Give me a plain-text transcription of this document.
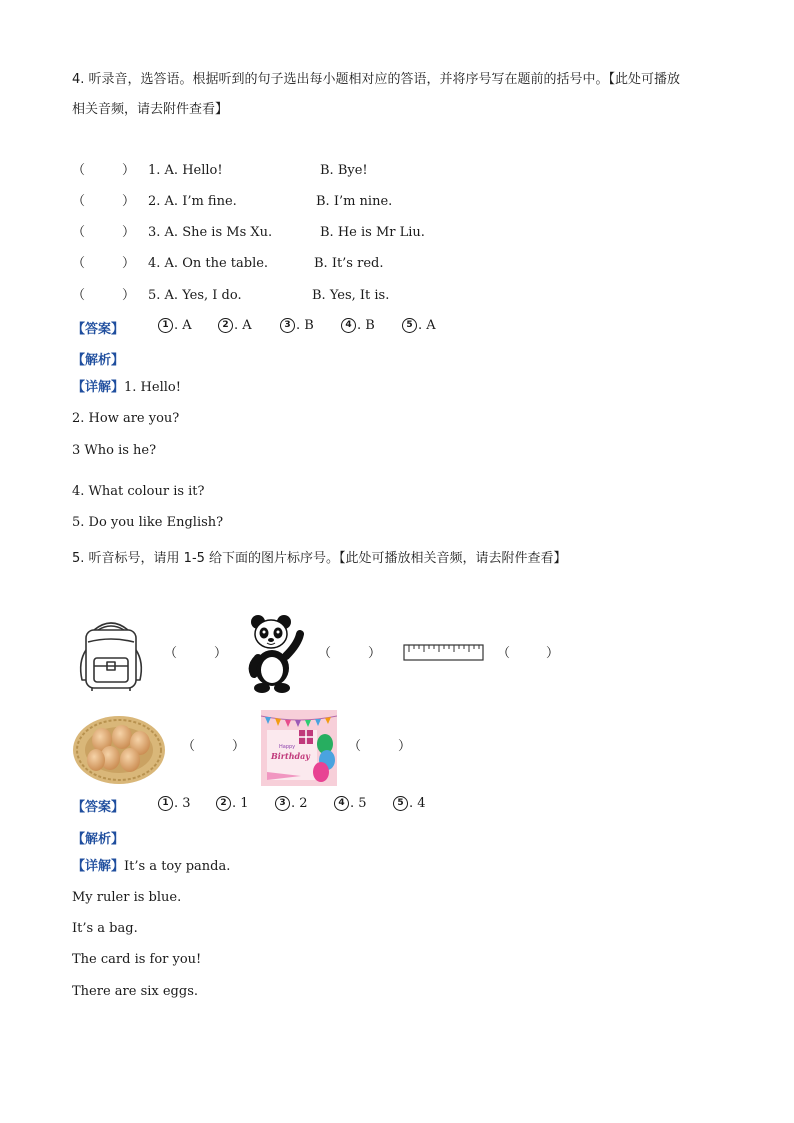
4. 听录音，选答语。根据听到的句子选出每小题相对应的答语，并将序号写在题前的括号中。【此处可播放
相关音频，请去附件查看】
（	） 1. A. Hello!	B. Bye!
（	） 2. A. I’m fine.	B. I’m nine.
（	） 3. A. She is Ms Xu.	B. He is Mr Liu.
（	） 4. A. On the table.	B. It’s red.
（	） 5. A. Yes, I do.	B. Yes, It is.
【答案】	1 . A	2 . A	3 . B	4 . B	5 . A
【解析】
【详解】1. Hello!
2. How are you?
3 Who is he?
4. What colour is it?
5. Do you like English?
5. 听音标号，请用 1-5 给下面的图片标序号。【此处可播放相关音频，请去附件查看】
（	）	（	）	（	）
（	）	Happy
Birthday
（	）
【答案】	1 . 3	2 . 1	3 . 2	4 . 5	5 . 4
【解析】
【详解】It’s a toy panda.
My ruler is blue.
It’s a bag.
The card is for you!
There are six eggs.
